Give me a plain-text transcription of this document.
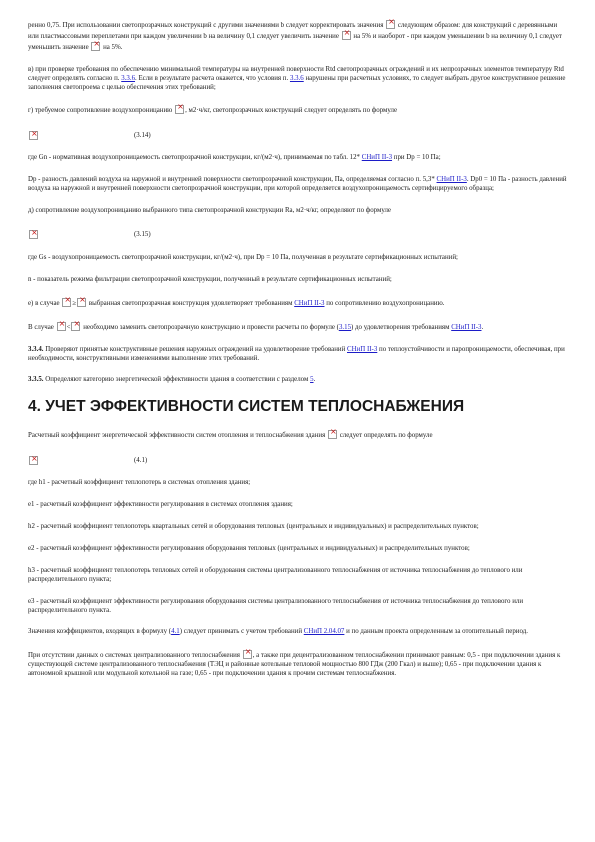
ренно 0,75. При использовании светопрозрачных конструкций с другими значениями b следует корректировать значения × следующим образом: для конструкций с деревянными или пластмассовыми переплетами при каждом увеличении b на величину 0,1 следует увеличить значение × на 5% и наоборот - при каждом уменьшении b на величину 0,1 следует уменьшить значение × на 5%.

в) при проверке требования по обеспечению минимальной температуры на внутренней поверхности Rtd светопрозрачных ограждений и их непрозрачных элементов температуру Rtd следует определять согласно п. 3.3.6. Если в результате расчета окажется, что условия п. 3.3.6 нарушены при расчетных условиях, то следует выбрать другое конструктивное решение заполнения светопроема с целью обеспечения этих требований;

г) требуемое сопротивление воздухопроницанию × , м2·ч/кг, светопрозрачных конструкций следует определять по формуле

×
(3.14)

где Gn - нормативная воздухопроницаемость светопрозрачной конструкции, кг/(м2·ч), принимаемая по табл. 12* СНиП II-3 при Dp = 10 Па;

Dp - разность давлений воздуха на наружной и внутренней поверхности светопрозрачной конструкции, Па, определяемая согласно п. 5,3* СНиП II-3. Dp0 = 10 Па - разность давлений воздуха на наружной и внутренней поверхности светопрозрачной конструкции, при которой определяется воздухопроницаемость сертифицируемого образца;

д) сопротивление воздухопроницанию выбранного типа светопрозрачной конструкции Ra, м2·ч/кг, определяют по формуле

×
(3.15)

где Gs - воздухопроницаемость светопрозрачной конструкции, кг/(м2·ч), при Dp = 10 Па, полученная в результате сертификационных испытаний;

n - показатель режима фильтрации светопрозрачной конструкции, полученный в результате сертификационных испытаний;

е) в случае × ≥ × выбранная светопрозрачная конструкция удовлетворяет требованиям СНиП II-3 по сопротивлению воздухопроницанию.

В случае × < × необходимо заменить светопрозрачную конструкцию и провести расчеты по формуле (3.15) до удовлетворения требованиям СНиП II-3.

3.3.4. Проверяют принятые конструктивные решения наружных ограждений на удовлетворение требований СНиП II-3 по теплоустойчивости и паропроницаемости, обеспечивая, при необходимости, конструктивными изменениями выполнение этих требований.

3.3.5. Определяют категорию энергетической эффективности здания в соответствии с разделом 5.

4. УЧЕТ ЭФФЕКТИВНОСТИ СИСТЕМ ТЕПЛОСНАБЖЕНИЯ

Расчетный коэффициент энергетической эффективности систем отопления и теплоснабжения здания × следует определять по формуле

×
(4.1)

где h1 - расчетный коэффициент теплопотерь в системах отопления здания;

e1 - расчетный коэффициент эффективности регулирования в системах отопления здания;

h2 - расчетный коэффициент теплопотерь квартальных сетей и оборудования тепловых (центральных и индивидуальных) и распределительных пунктов;

e2 - расчетный коэффициент эффективности регулирования оборудования тепловых (центральных и индивидуальных) и распределительных пунктов;

h3 - расчетный коэффициент теплопотерь тепловых сетей и оборудования системы централизованного теплоснабжения от источника теплоснабжения до теплового или распределительного пункта;

e3 - расчетный коэффициент эффективности регулирования оборудования системы централизованного теплоснабжения от источника теплоснабжения до теплового или распределительного пункта.

Значения коэффициентов, входящих в формулу (4.1) следует принимать с учетом требований СНиП 2.04.07 и по данным проекта определенным за отопительный период.

При отсутствии данных о системах централизованного теплоснабжения × , а также при децентрализованном теплоснабжении принимают равным: 0,5 - при подключении здания к существующей системе централизованного теплоснабжения (ТЭЦ и районные котельные тепловой мощностью 800 ГДж (200 Гкал) и выше); 0,65 - при подключении здания к автономной крышной или модульной котельной на газе; 0,65 - при подключении здания к прочим системам теплоснабжения.
